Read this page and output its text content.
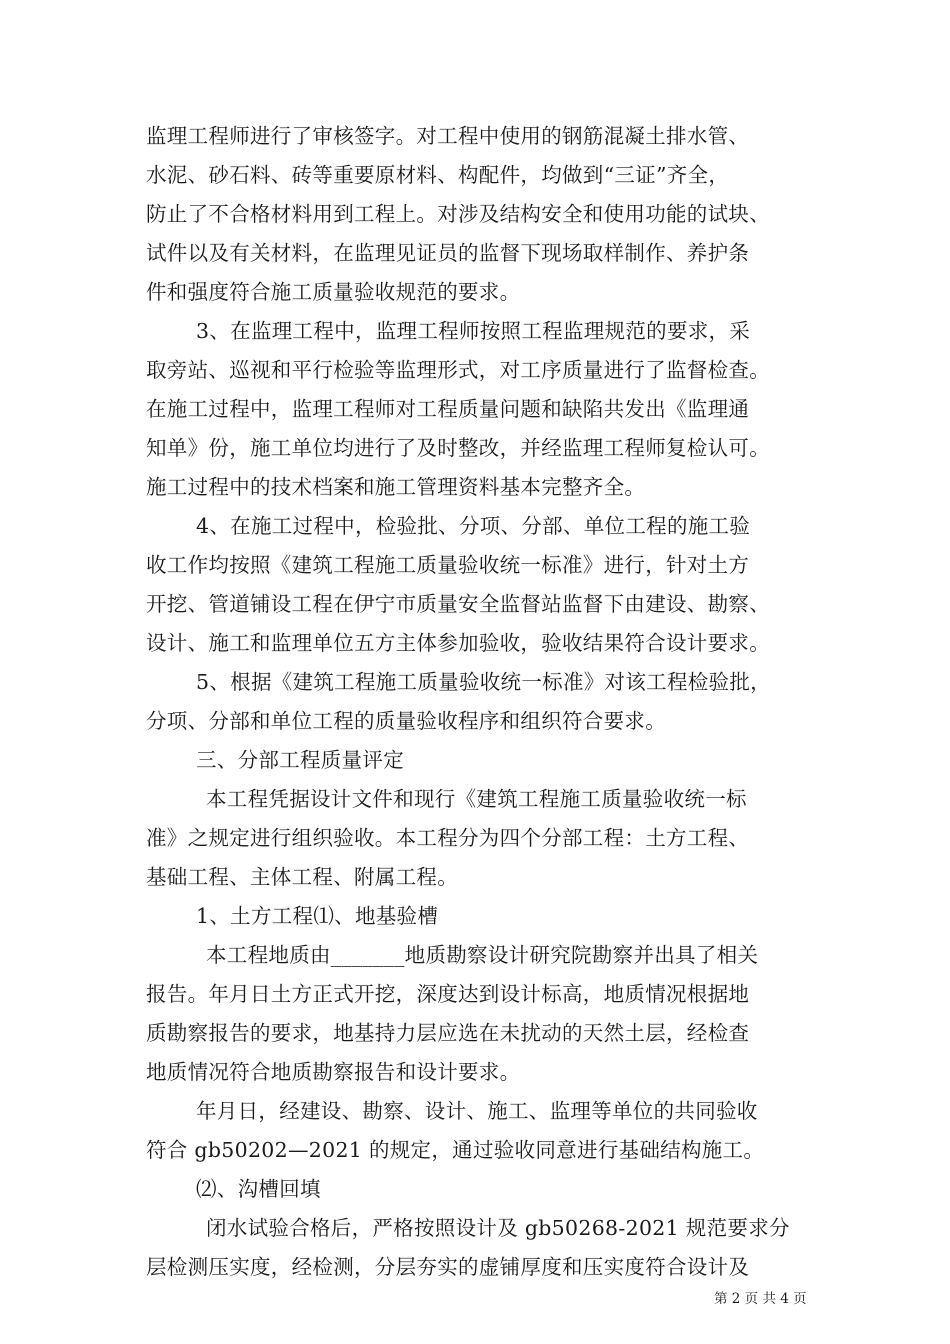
监理工程师进行了审核签字。对工程中使用的钢筋混凝土排水管、
水泥、砂石料、砖等重要原材料、构配件，均做到“三证”齐全，
防止了不合格材料用到工程上。对涉及结构安全和使用功能的试块、
试件以及有关材料，在监理见证员的监督下现场取样制作、养护条
件和强度符合施工质量验收规范的要求。
3、在监理工程中，监理工程师按照工程监理规范的要求，采
取旁站、巡视和平行检验等监理形式，对工序质量进行了监督检查。
在施工过程中，监理工程师对工程质量问题和缺陷共发出《监理通
知单》份，施工单位均进行了及时整改，并经监理工程师复检认可。
施工过程中的技术档案和施工管理资料基本完整齐全。
4、在施工过程中，检验批、分项、分部、单位工程的施工验
收工作均按照《建筑工程施工质量验收统一标准》进行，针对土方
开挖、管道铺设工程在伊宁市质量安全监督站监督下由建设、勘察、
设计、施工和监理单位五方主体参加验收，验收结果符合设计要求。
5、根据《建筑工程施工质量验收统一标准》对该工程检验批，
分项、分部和单位工程的质量验收程序和组织符合要求。
三、分部工程质量评定
本工程凭据设计文件和现行《建筑工程施工质量验收统一标
准》之规定进行组织验收。本工程分为四个分部工程：土方工程、
基础工程、主体工程、附属工程。
1、土方工程⑴、地基验槽
本工程地质由_______地质勘察设计研究院勘察并出具了相关
报告。年月日土方正式开挖，深度达到设计标高，地质情况根据地
质勘察报告的要求，地基持力层应选在未扰动的天然土层，经检查
地质情况符合地质勘察报告和设计要求。
年月日，经建设、勘察、设计、施工、监理等单位的共同验收
符合 gb50202—2021 的规定，通过验收同意进行基础结构施工。
⑵、沟槽回填
闭水试验合格后，严格按照设计及 gb50268-2021 规范要求分
层检测压实度，经检测，分层夯实的虚铺厚度和压实度符合设计及
第 2 页 共 4 页
